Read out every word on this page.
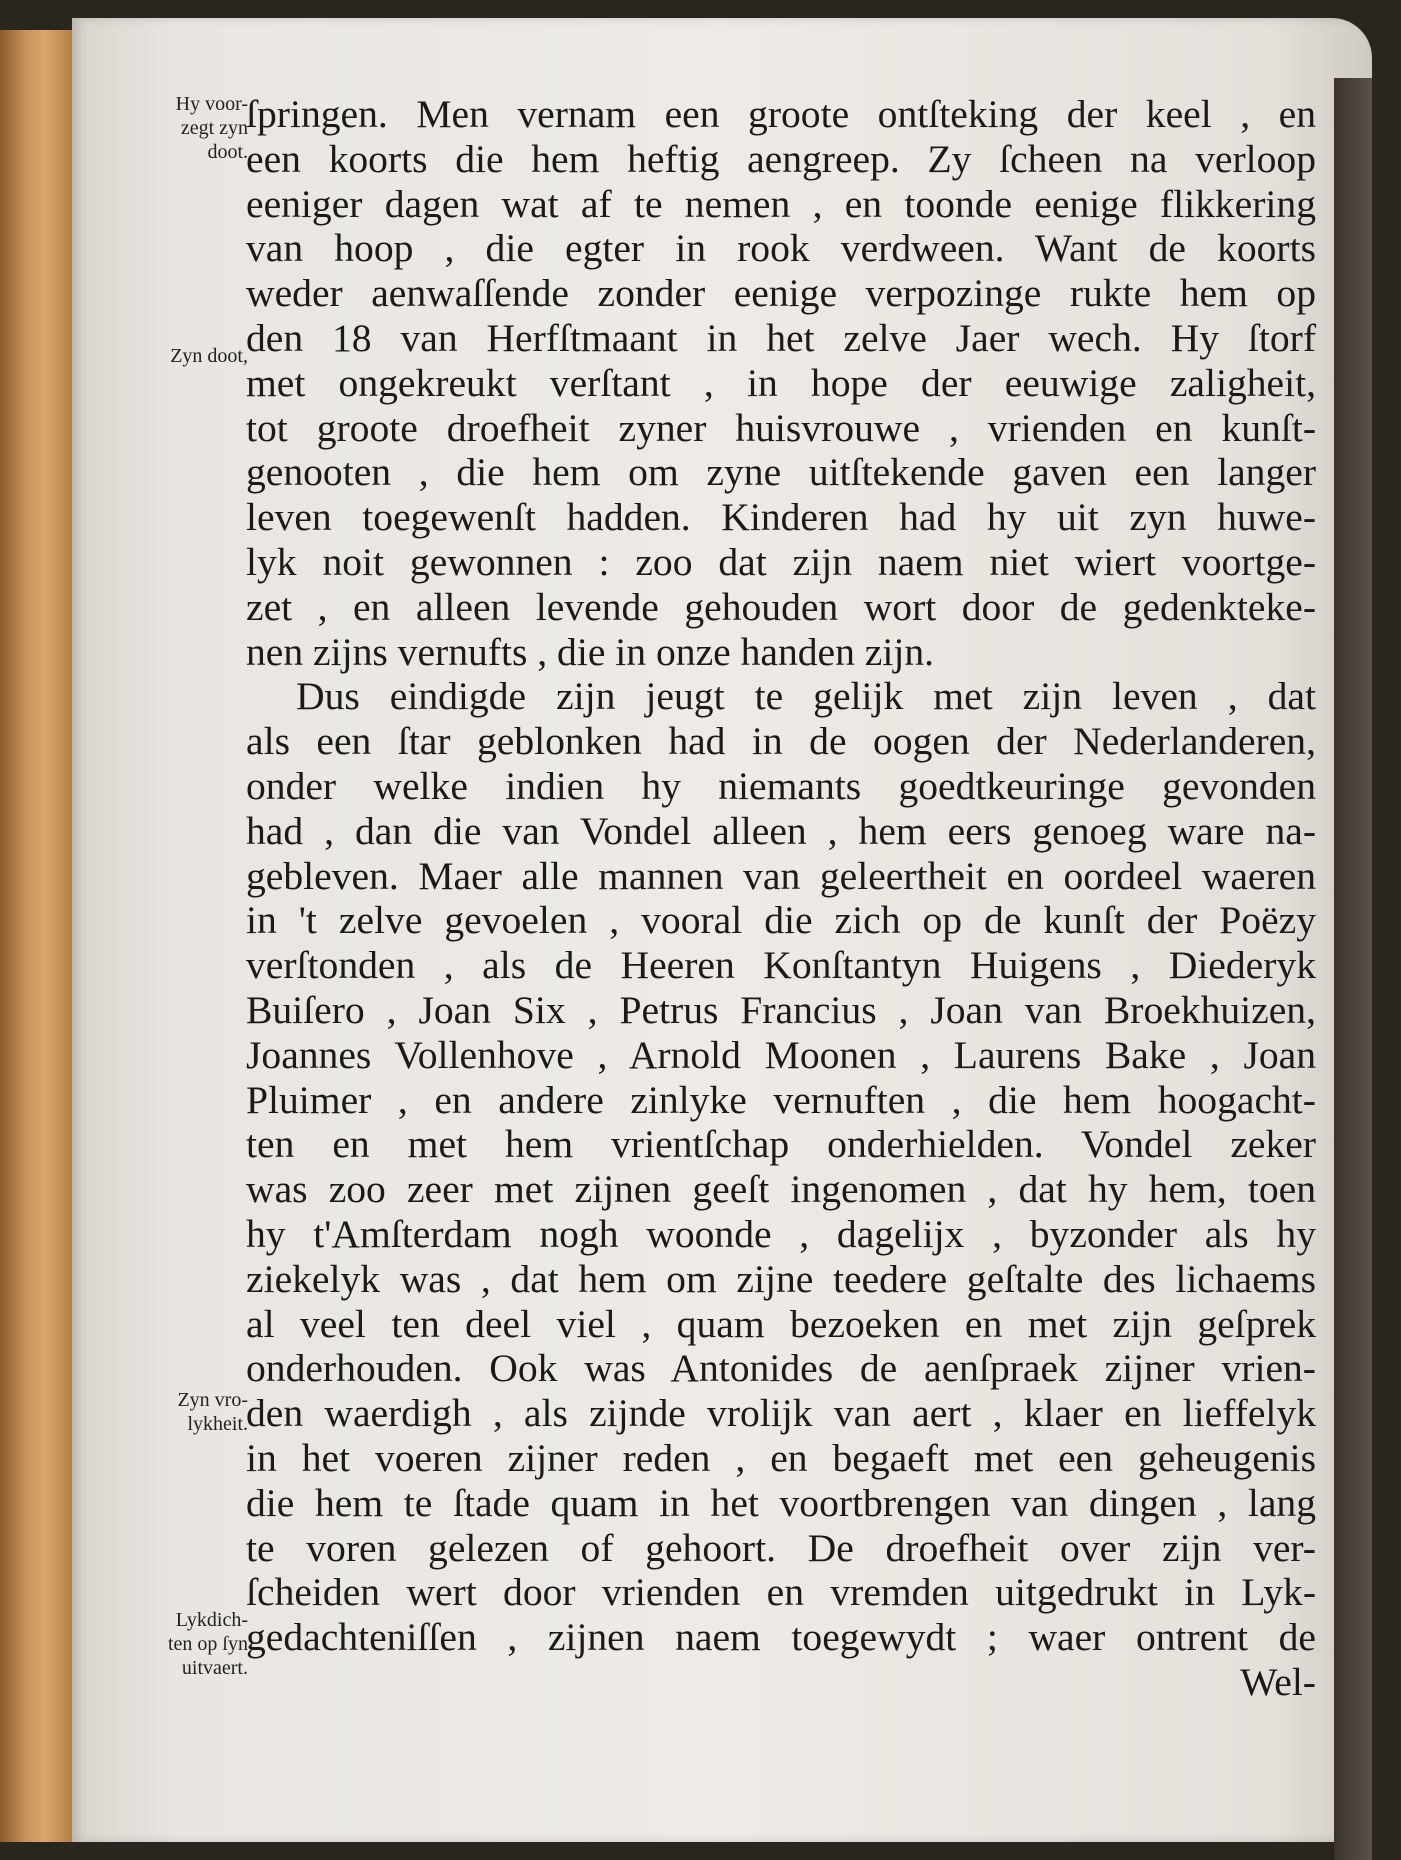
Hy voor-
zegt zyn
doot.
Zyn doot,
Zyn vro-
lykheit.
Lykdich-
ten op ſyn
uitvaert.
ſpringen. Men vernam een groote ontſteking der keel , en
een koorts die hem heftig aengreep. Zy ſcheen na verloop
eeniger dagen wat af te nemen , en toonde eenige flikkering
van hoop , die egter in rook verdween. Want de koorts
weder aenwaſſende zonder eenige verpozinge rukte hem op
den 18 van Herfſtmaant in het zelve Jaer wech. Hy ſtorf
met ongekreukt verſtant , in hope der eeuwige zaligheit,
tot groote droefheit zyner huisvrouwe , vrienden en kunſt-
genooten , die hem om zyne uitſtekende gaven een langer
leven toegewenſt hadden. Kinderen had hy uit zyn huwe-
lyk noit gewonnen : zoo dat zijn naem niet wiert voortge-
zet , en alleen levende gehouden wort door de gedenkteke-
nen zijns vernufts , die in onze handen zijn.
Dus eindigde zijn jeugt te gelijk met zijn leven , dat
als een ſtar geblonken had in de oogen der Nederlanderen,
onder welke indien hy niemants goedtkeuringe gevonden
had , dan die van Vondel alleen , hem eers genoeg ware na-
gebleven. Maer alle mannen van geleertheit en oordeel waeren
in 't zelve gevoelen , vooral die zich op de kunſt der Poëzy
verſtonden , als de Heeren Konſtantyn Huigens , Diederyk
Buiſero , Joan Six , Petrus Francius , Joan van Broekhuizen,
Joannes Vollenhove , Arnold Moonen , Laurens Bake , Joan
Pluimer , en andere zinlyke vernuften , die hem hoogacht-
ten en met hem vrientſchap onderhielden. Vondel zeker
was zoo zeer met zijnen geeſt ingenomen , dat hy hem, toen
hy t'Amſterdam nogh woonde , dagelijx , byzonder als hy
ziekelyk was , dat hem om zijne teedere geſtalte des lichaems
al veel ten deel viel , quam bezoeken en met zijn geſprek
onderhouden. Ook was Antonides de aenſpraek zijner vrien-
den waerdigh , als zijnde vrolijk van aert , klaer en lieffelyk
in het voeren zijner reden , en begaeft met een geheugenis
die hem te ſtade quam in het voortbrengen van dingen , lang
te voren gelezen of gehoort. De droefheit over zijn ver-
ſcheiden wert door vrienden en vremden uitgedrukt in Lyk-
gedachteniſſen , zijnen naem toegewydt ; waer ontrent de
Wel-
